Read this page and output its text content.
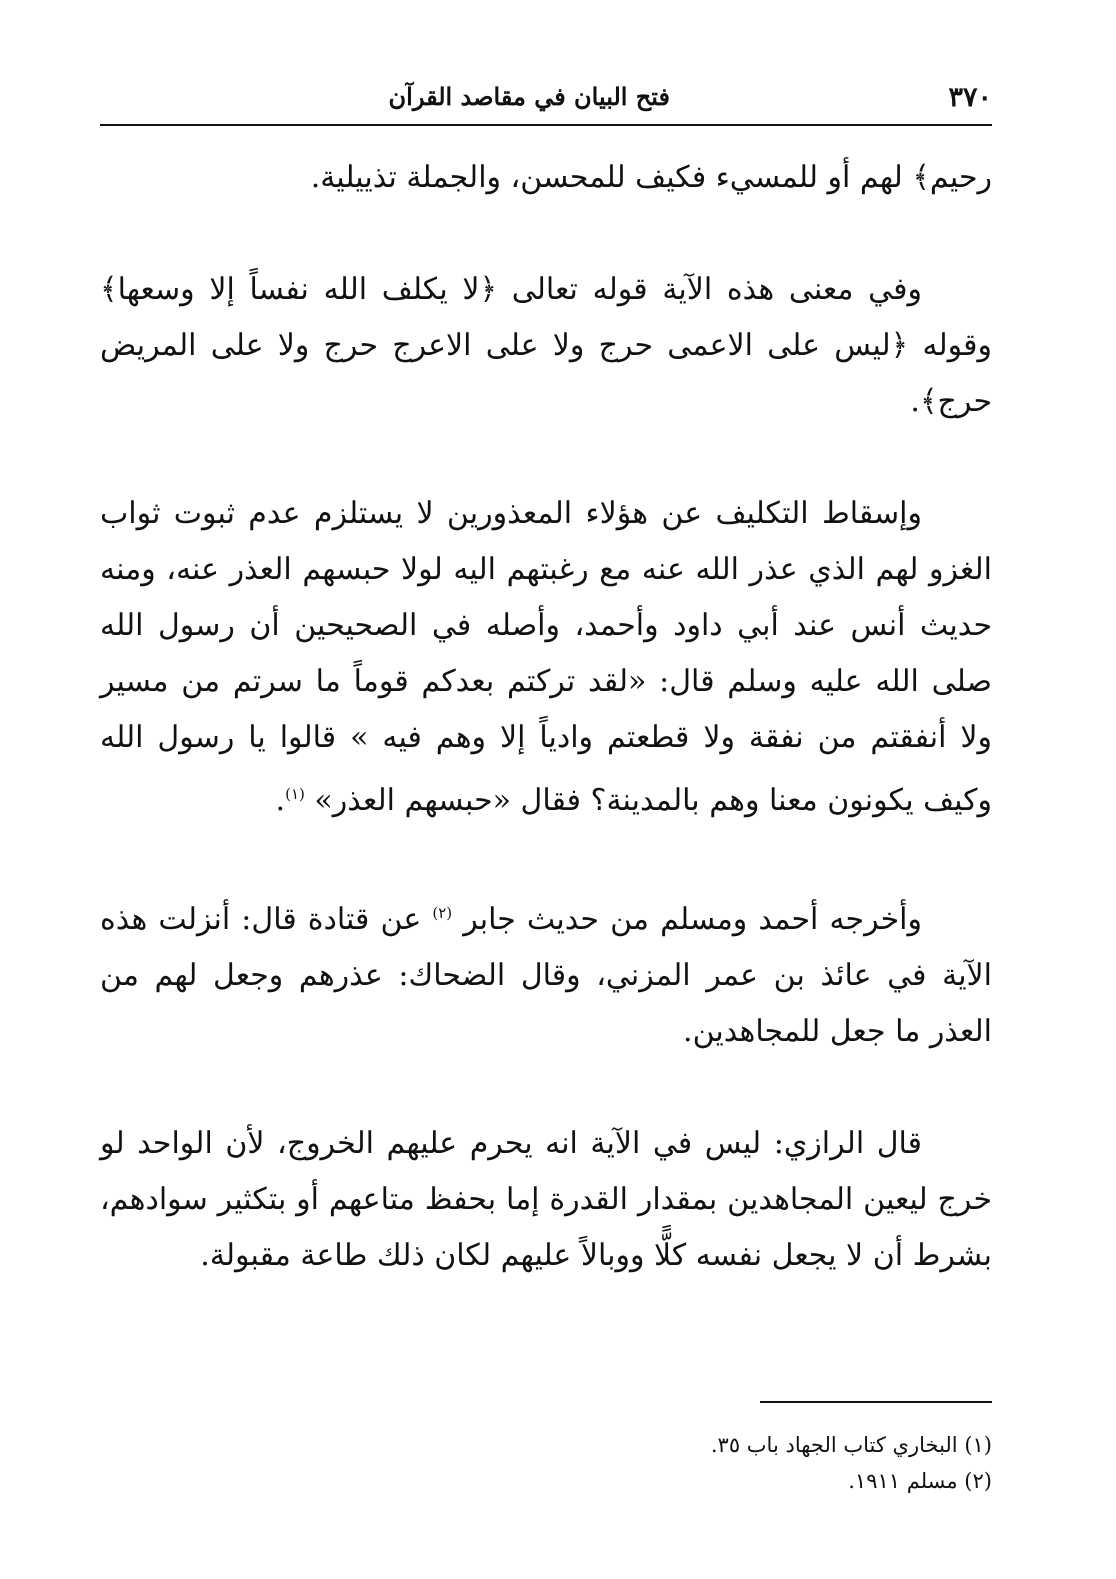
٣٧٠
فتح البيان في مقاصد القرآن

رحيم﴾ لهم أو للمسيء فكيف للمحسن، والجملة تذييلية.

وفي معنى هذه الآية قوله تعالى ﴿لا يكلف الله نفساً إلا وسعها﴾ وقوله ﴿ليس على الاعمى حرج ولا على الاعرج حرج ولا على المريض حرج﴾.

وإسقاط التكليف عن هؤلاء المعذورين لا يستلزم عدم ثبوت ثواب الغزو لهم الذي عذر الله عنه مع رغبتهم اليه لولا حبسهم العذر عنه، ومنه حديث أنس عند أبي داود وأحمد، وأصله في الصحيحين أن رسول الله صلى الله عليه وسلم قال: «لقد تركتم بعدكم قوماً ما سرتم من مسير ولا أنفقتم من نفقة ولا قطعتم وادياً إلا وهم فيه » قالوا يا رسول الله وكيف يكونون معنا وهم بالمدينة؟ فقال «حبسهم العذر» $^{(١)}$.

وأخرجه أحمد ومسلم من حديث جابر $^{(٢)}$ عن قتادة قال: أنزلت هذه الآية في عائذ بن عمر المزني، وقال الضحاك: عذرهم وجعل لهم من العذر ما جعل للمجاهدين.

قال الرازي: ليس في الآية انه يحرم عليهم الخروج، لأن الواحد لو خرج ليعين المجاهدين بمقدار القدرة إما بحفظ متاعهم أو بتكثير سوادهم، بشرط أن لا يجعل نفسه كلًّا ووبالاً عليهم لكان ذلك طاعة مقبولة.

(١) البخاري كتاب الجهاد باب ٣٥.

(٢) مسلم ١٩١١.
